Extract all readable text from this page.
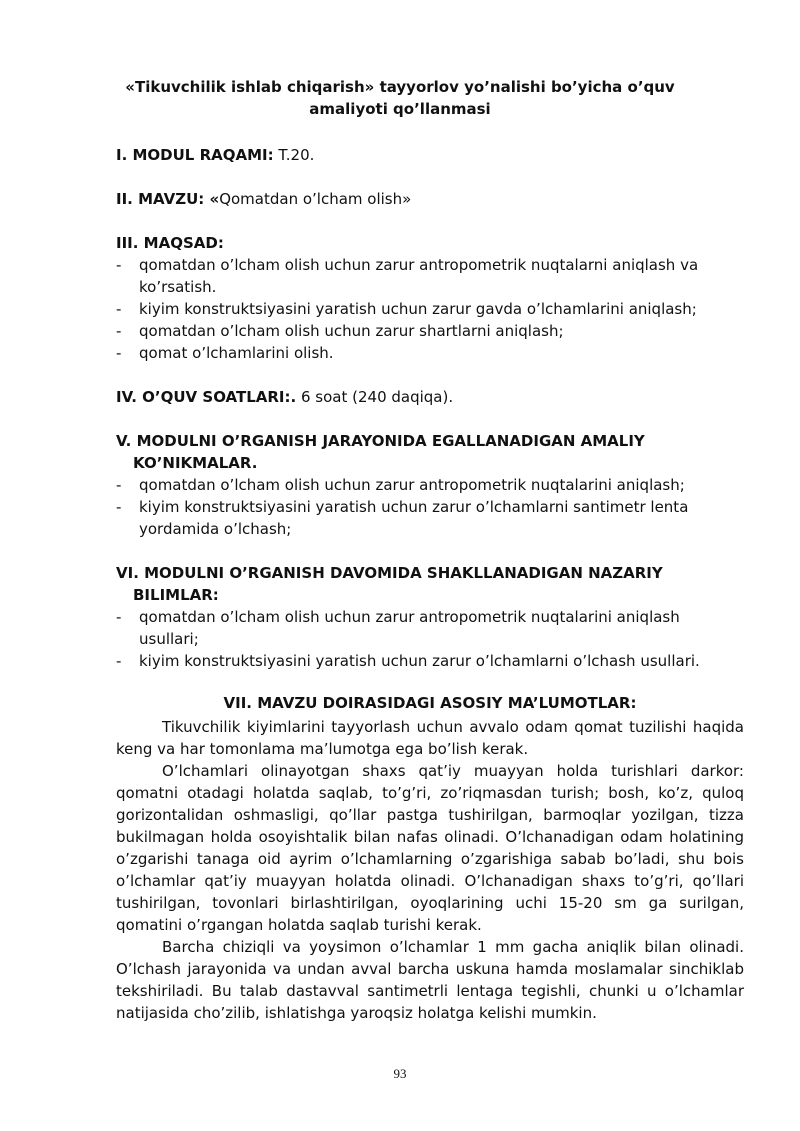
«Tikuvchilik ishlab chiqarish» tayyorlov yo’nalishi bo’yicha o’quv
amaliyoti qo’llanmasi

I. MODUL RAQAMI: T.20.

II. MAVZU: «Qomatdan o’lcham olish»

III. MAQSAD:

- qomatdan o’lcham olish uchun zarur antropometrik nuqtalarni aniqlash va
ko’rsatish.
- kiyim konstruktsiyasini yaratish uchun zarur gavda o’lchamlarini aniqlash;
- qomatdan o’lcham olish uchun zarur shartlarni aniqlash;
- qomat o’lchamlarini olish.

IV. O’QUV SOATLARI:. 6 soat (240 daqiqa).

V. MODULNI O’RGANISH JARAYONIDA EGALLANADIGAN AMALIY
KO’NIKMALAR.

- qomatdan o’lcham olish uchun zarur antropometrik nuqtalarini aniqlash;
- kiyim konstruktsiyasini yaratish uchun zarur o’lchamlarni santimetr lenta
yordamida o’lchash;

VI. MODULNI O’RGANISH DAVOMIDA SHAKLLANADIGAN NAZARIY
BILIMLAR:

- qomatdan o’lcham olish uchun zarur antropometrik nuqtalarini aniqlash
usullari;
- kiyim konstruktsiyasini yaratish uchun zarur o’lchamlarni o’lchash usullari.

VII. MAVZU DOIRASIDAGI ASOSIY MA’LUMOTLAR:

Tikuvchilik kiyimlarini tayyorlash uchun avvalo odam qomat tuzilishi haqida keng va har tomonlama ma’lumotga ega bo’lish kerak.

O’lchamlari olinayotgan shaxs qat’iy muayyan holda turishlari darkor: qomatni otadagi holatda saqlab, to’g’ri, zo’riqmasdan turish; bosh, ko’z, quloq gorizontalidan oshmasligi, qo’llar pastga tushirilgan, barmoqlar yozilgan, tizza bukilmagan holda osoyishtalik bilan nafas olinadi. O’lchanadigan odam holatining o’zgarishi tanaga oid ayrim o’lchamlarning o’zgarishiga sabab bo’ladi, shu bois o’lchamlar qat’iy muayyan holatda olinadi. O’lchanadigan shaxs to’g’ri, qo’llari tushirilgan, tovonlari birlashtirilgan, oyoqlarining uchi 15-20 sm ga surilgan, qomatini o’rgangan holatda saqlab turishi kerak.

Barcha chiziqli va yoysimon o’lchamlar 1 mm gacha aniqlik bilan olinadi. O’lchash jarayonida va undan avval barcha uskuna hamda moslamalar sinchiklab tekshiriladi. Bu talab dastavval santimetrli lentaga tegishli, chunki u o’lchamlar natijasida cho’zilib, ishlatishga yaroqsiz holatga kelishi mumkin.

93
